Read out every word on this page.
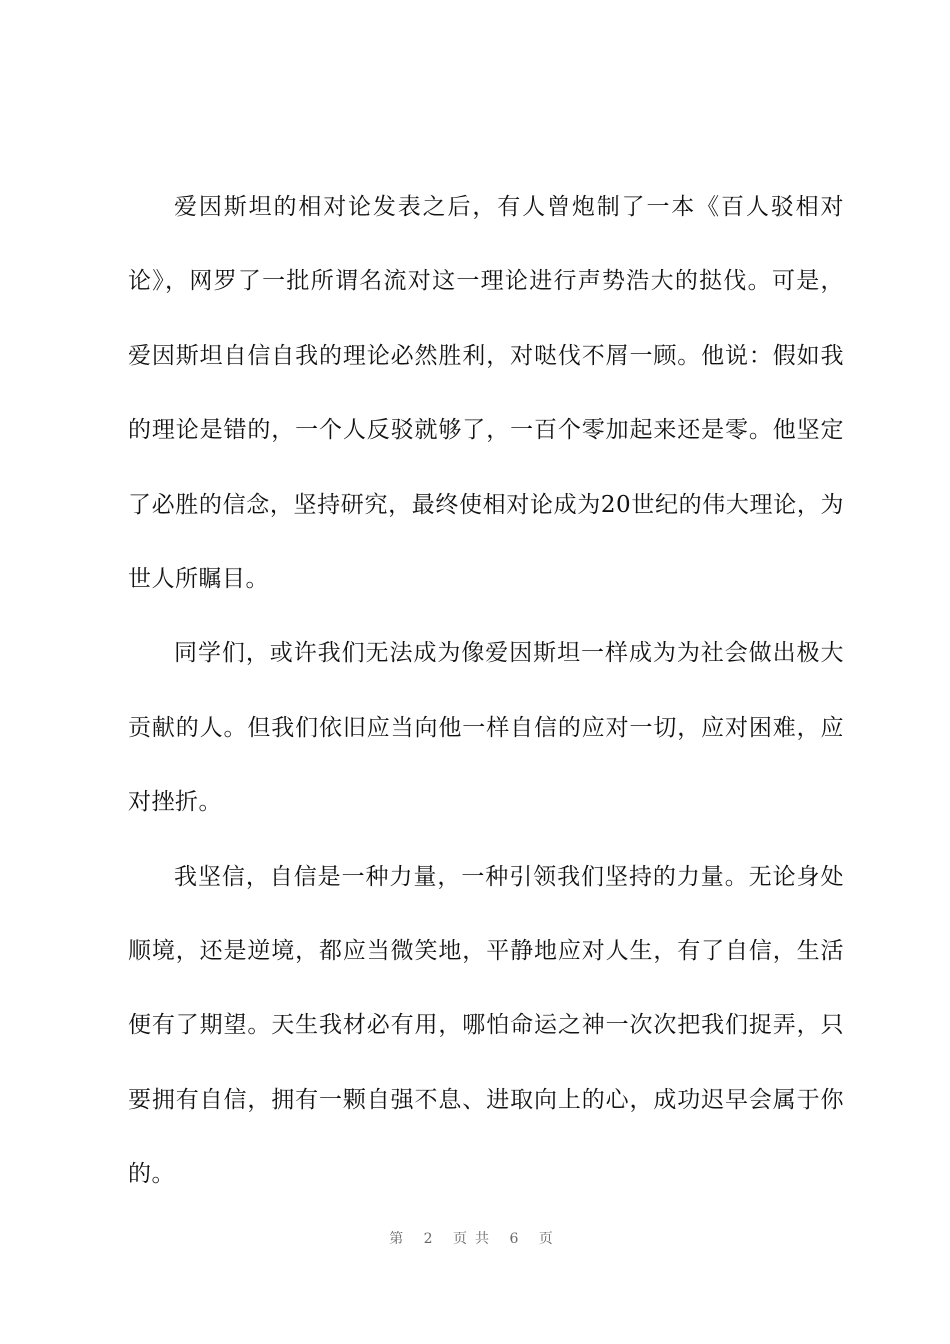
爱因斯坦的相对论发表之后，有人曾炮制了一本《百人驳相对论》，网罗了一批所谓名流对这一理论进行声势浩大的挞伐。可是，爱因斯坦自信自我的理论必然胜利，对哒伐不屑一顾。他说：假如我的理论是错的，一个人反驳就够了，一百个零加起来还是零。他坚定了必胜的信念，坚持研究，最终使相对论成为20世纪的伟大理论，为世人所瞩目。

同学们，或许我们无法成为像爱因斯坦一样成为为社会做出极大贡献的人。但我们依旧应当向他一样自信的应对一切，应对困难，应对挫折。

我坚信，自信是一种力量，一种引领我们坚持的力量。无论身处顺境，还是逆境，都应当微笑地，平静地应对人生，有了自信，生活便有了期望。天生我材必有用，哪怕命运之神一次次把我们捉弄，只要拥有自信，拥有一颗自强不息、进取向上的心，成功迟早会属于你的。

第 2 页共 6 页
